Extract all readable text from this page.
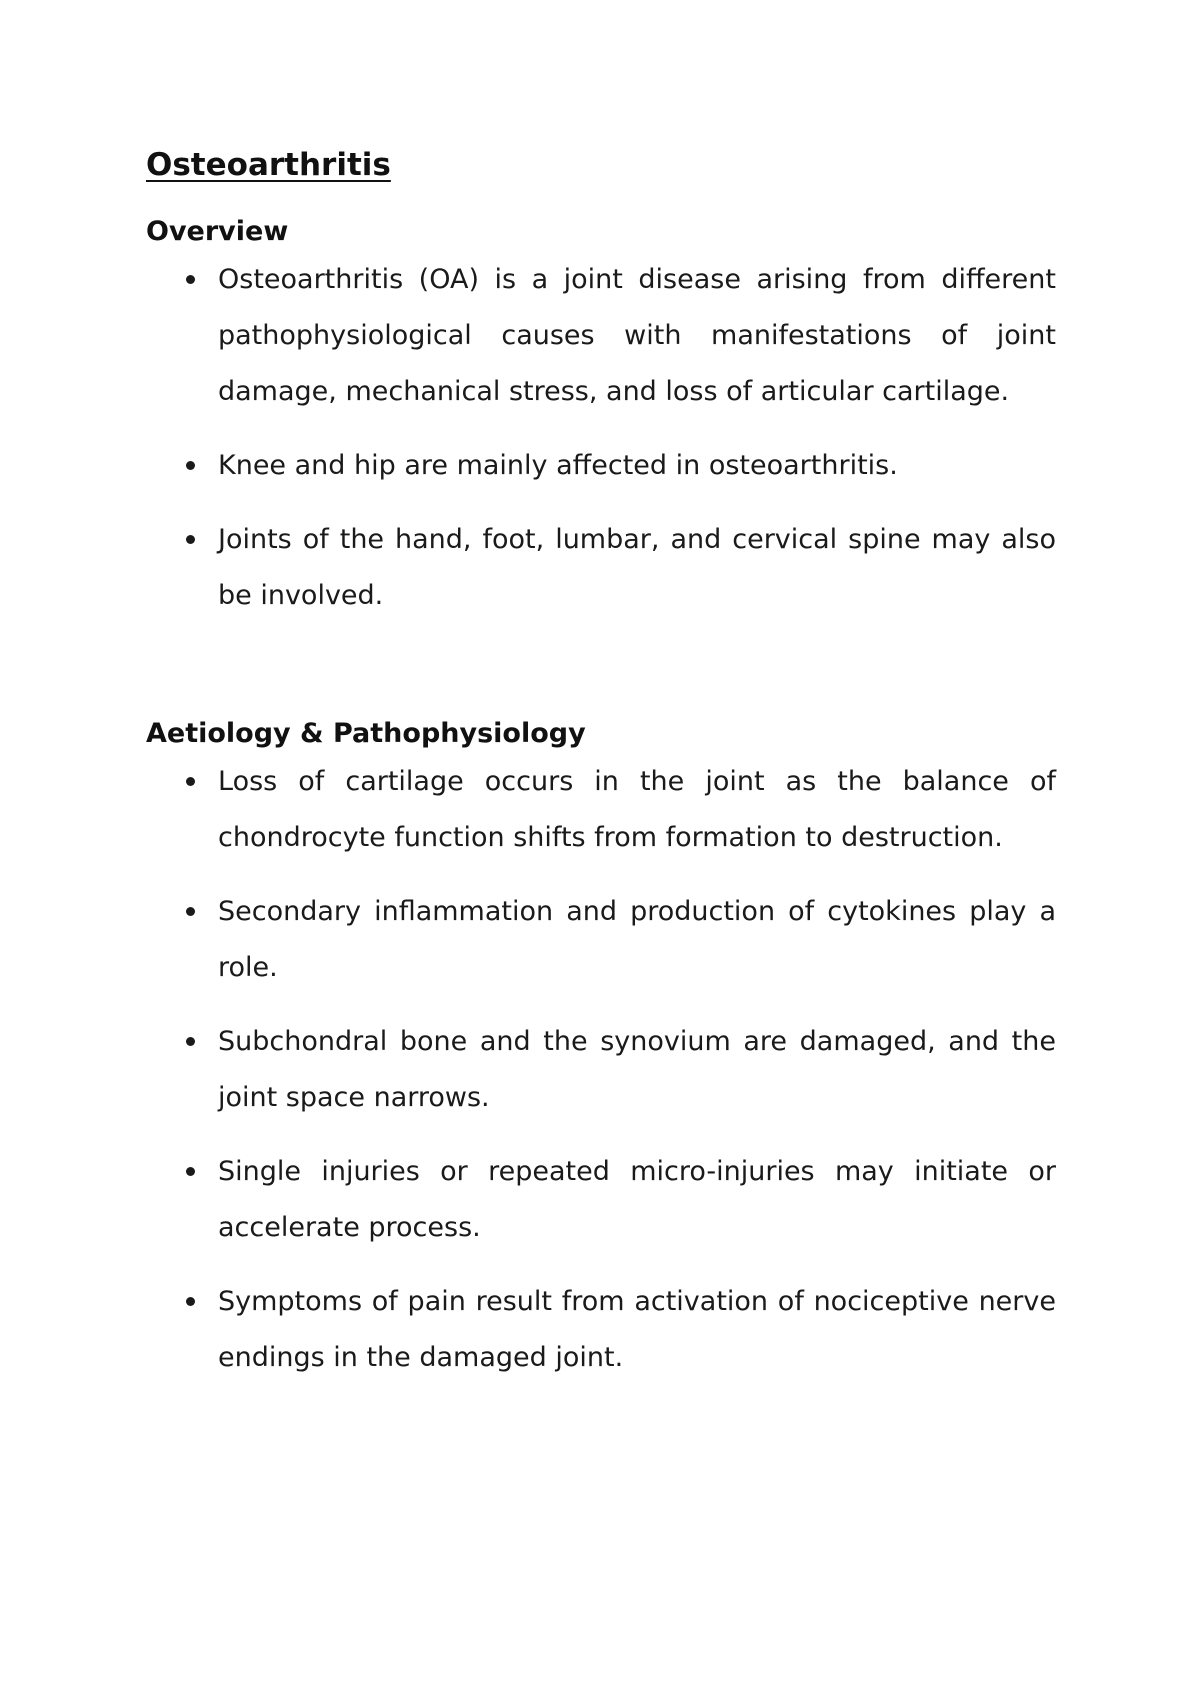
Osteoarthritis
Overview
Osteoarthritis (OA) is a joint disease arising from different pathophysiological causes with manifestations of joint damage, mechanical stress, and loss of articular cartilage.
Knee and hip are mainly affected in osteoarthritis.
Joints of the hand, foot, lumbar, and cervical spine may also be involved.
Aetiology & Pathophysiology
Loss of cartilage occurs in the joint as the balance of chondrocyte function shifts from formation to destruction.
Secondary inflammation and production of cytokines play a role.
Subchondral bone and the synovium are damaged, and the joint space narrows.
Single injuries or repeated micro-injuries may initiate or accelerate process.
Symptoms of pain result from activation of nociceptive nerve endings in the damaged joint.
